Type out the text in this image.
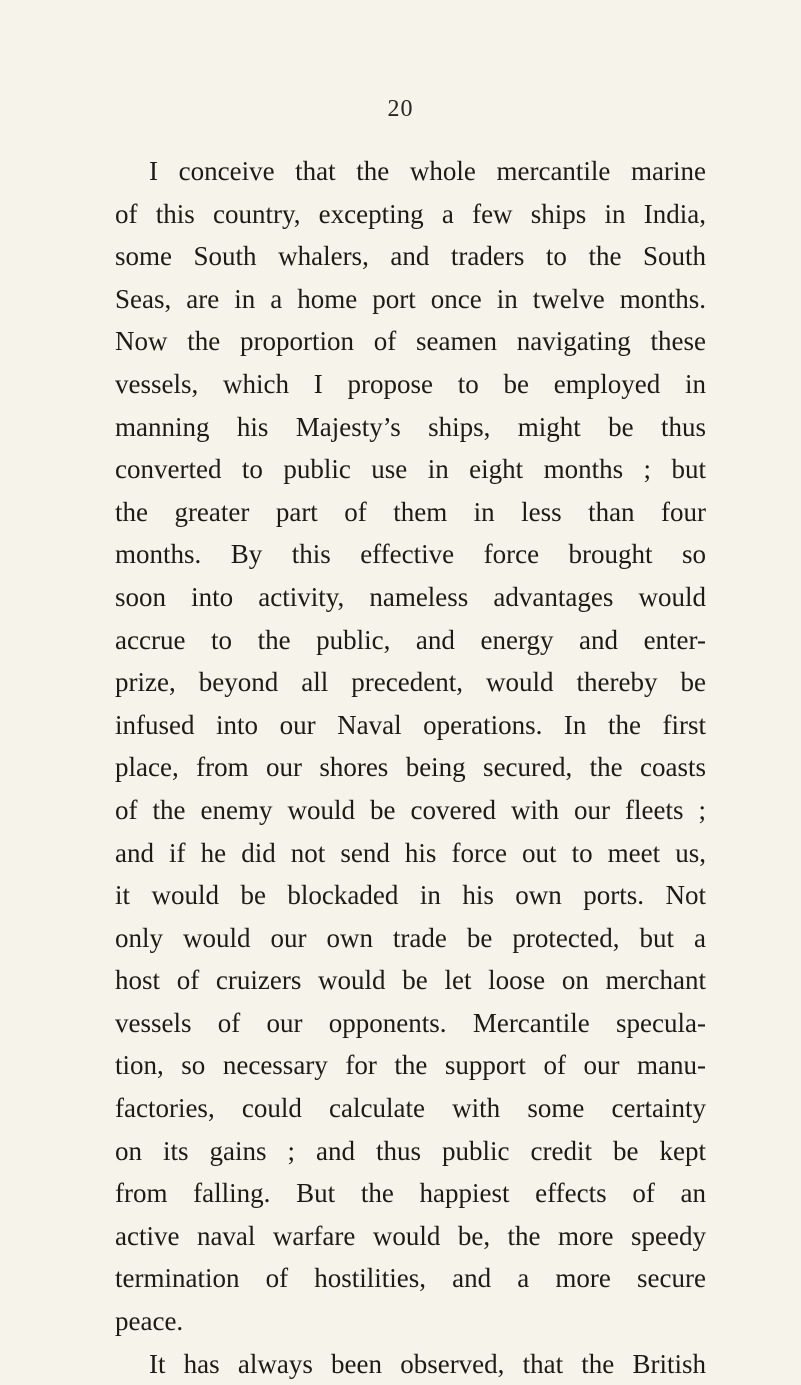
20
I conceive that the whole mercantile marine
of this country, excepting a few ships in India,
some South whalers, and traders to the South
Seas, are in a home port once in twelve months.
Now the proportion of seamen navigating these
vessels, which I propose to be employed in
manning his Majesty’s ships, might be thus
converted to public use in eight months ; but
the greater part of them in less than four
months. By this effective force brought so
soon into activity, nameless advantages would
accrue to the public, and energy and enter-
prize, beyond all precedent, would thereby be
infused into our Naval operations. In the first
place, from our shores being secured, the coasts
of the enemy would be covered with our fleets ;
and if he did not send his force out to meet us,
it would be blockaded in his own ports. Not
only would our own trade be protected, but a
host of cruizers would be let loose on merchant
vessels of our opponents. Mercantile specula-
tion, so necessary for the support of our manu-
factories, could calculate with some certainty
on its gains ; and thus public credit be kept
from falling. But the happiest effects of an
active naval warfare would be, the more speedy
termination of hostilities, and a more secure
peace.
It has always been observed, that the British
